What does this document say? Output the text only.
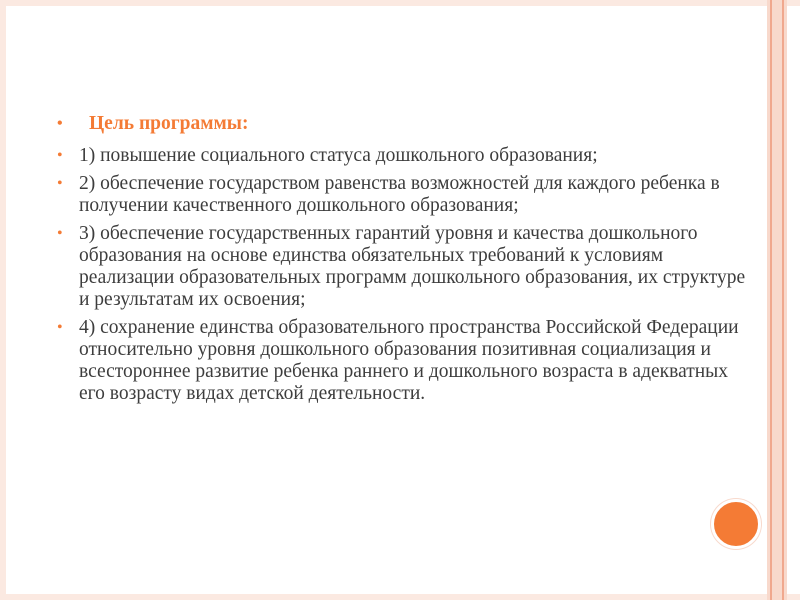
• Цель программы:
• 1) повышение социального статуса дошкольного образования;
• 2) обеспечение государством равенства возможностей для каждого ребенка в получении качественного дошкольного образования;
• 3) обеспечение государственных гарантий уровня и качества дошкольного образования на основе единства обязательных требований к условиям реализации образовательных программ дошкольного образования, их структуре и результатам их освоения;
• 4) сохранение единства образовательного пространства Российской Федерации относительно уровня дошкольного образования позитивная социализация и всестороннее развитие ребенка раннего и дошкольного возраста в адекватных его возрасту видах детской деятельности.
